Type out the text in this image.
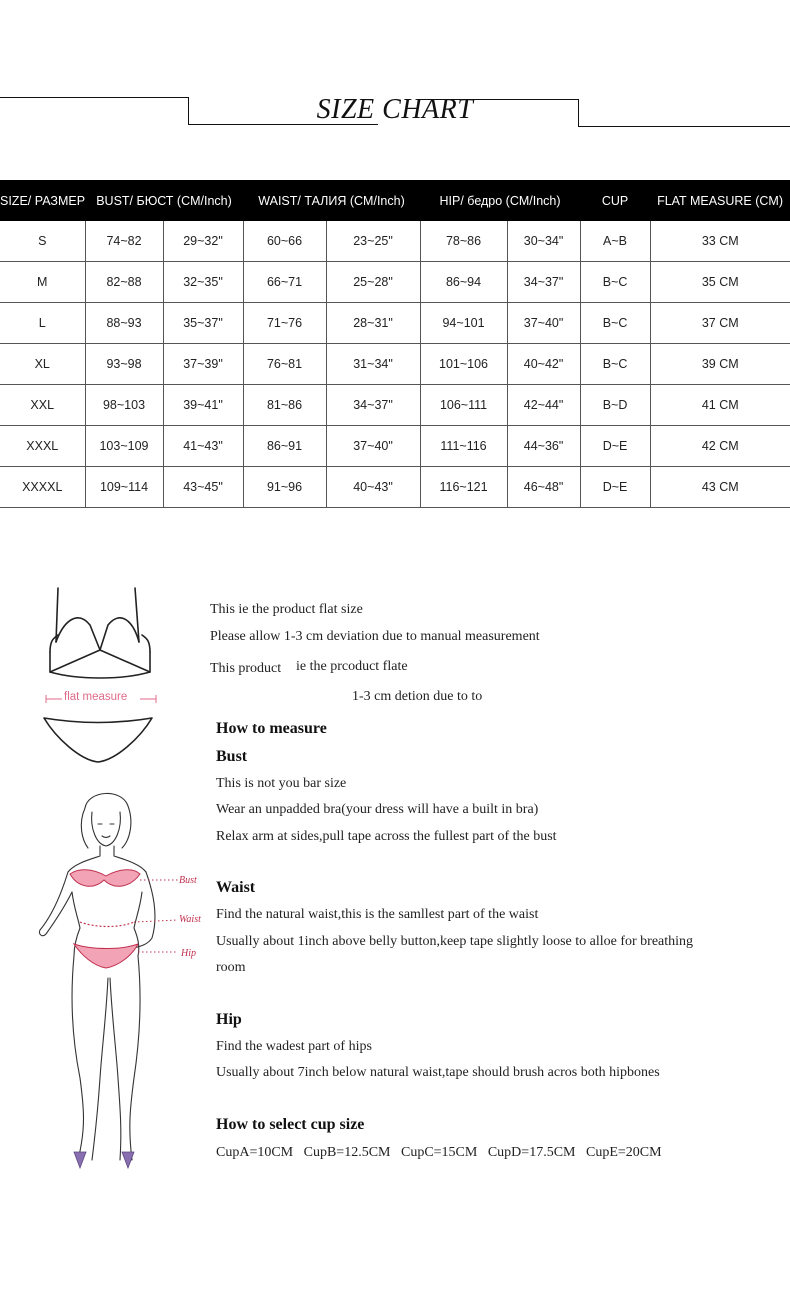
SIZE CHART
SIZE/ РАЗМЕР	BUST/ БЮСТ (CM/Inch)		WAIST/ ТАЛИЯ (CM/Inch)		HIP/ бедро (CM/Inch)		CUP	FLAT MEASURE (CM)
S	74~82	29~32"	60~66	23~25"	78~86	30~34"	A~B	33 CM
M	82~88	32~35"	66~71	25~28"	86~94	34~37"	B~C	35 CM
L	88~93	35~37"	71~76	28~31"	94~101	37~40"	B~C	37 CM
XL	93~98	37~39"	76~81	31~34"	101~106	40~42"	B~C	39 CM
XXL	98~103	39~41"	81~86	34~37"	106~111	42~44"	B~D	41 CM
XXXL	103~109	41~43"	86~91	37~40"	111~116	44~36"	D~E	42 CM
XXXXL	109~114	43~45"	91~96	40~43"	116~121	46~48"	D~E	43 CM
flat measure
Bust
Waist
Hip
This ie the product flat size
Please allow 1-3 cm deviation due to manual measurement
This product ie the prcoduct flate
1-3 cm detion due to to
How to measure
Bust
This is not you bar size
Wear an unpadded bra(your dress will have a built in bra)
Relax arm at sides,pull tape across the fullest part of the bust
Waist
Find the natural waist,this is the samllest part of the waist
Usually about 1inch above belly button,keep tape slightly loose to alloe for breathing
room
Hip
Find the wadest part of hips
Usually about 7inch below natural waist,tape should brush acros both hipbones
How to select cup size
CupA=10CM   CupB=12.5CM   CupC=15CM   CupD=17.5CM   CupE=20CM
